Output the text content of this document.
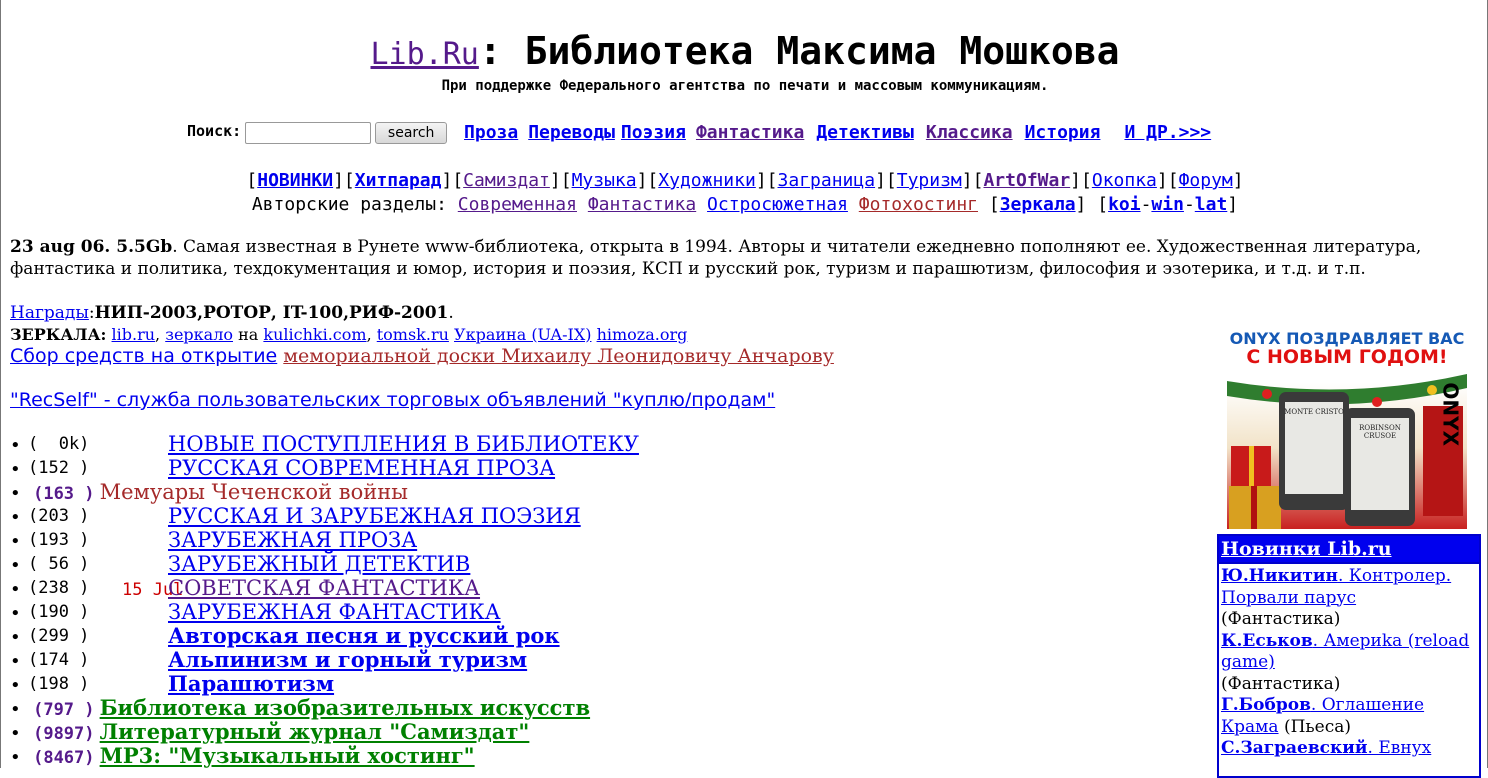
Lib.Ru: Библиотека Максима Мошкова
При поддержке Федерального агентства по печати и массовым коммуникациям.
Поиск:	search Проза Переводы Поэзия Фантастика Детективы Классика История И ДР.>>>
[НОВИНКИ][Хитпарад][Самиздат][Музыка][Художники][Заграница][Туризм][ArtOfWar][Окопка][Форум]
Авторские разделы: Современная Фантастика Остросюжетная Фотохостинг [Зеркала] [koi-win-lat]
23 aug 06. 5.5Gb. Самая известная в Рунете www-библиотека, открыта в 1994. Авторы и читатели ежедневно пополняют ее. Художественная литература, фантастика и политика, техдокументация и юмор, история и поэзия, КСП и русский рок, туризм и парашютизм, философия и эзотерика, и т.д. и т.п.
Награды:НИП-2003,РОТОР, IT-100,РИФ-2001.
ЗЕРКАЛА: lib.ru, зеркало на kulichki.com, tomsk.ru Украина (UA-IX) himoza.org
Сбор средств на открытие мемориальной доски Михаилу Леонидовичу Анчарову
"RecSelf" - служба пользовательских торговых объявлений "куплю/продам"
• (  0k)	НОВЫЕ ПОСТУПЛЕНИЯ В БИБЛИОТЕКУ
• (152 )	РУССКАЯ СОВРЕМЕННАЯ ПРОЗА
• (163 ) Мемуары Чеченской войны
• (203 )	РУССКАЯ И ЗАРУБЕЖНАЯ ПОЭЗИЯ
• (193 )	ЗАРУБЕЖНАЯ ПРОЗА
• ( 56 )	ЗАРУБЕЖНЫЙ ДЕТЕКТИВ
• (238 ) 15 JulСОВЕТСКАЯ ФАНТАСТИКА
• (190 )	ЗАРУБЕЖНАЯ ФАНТАСТИКА
• (299 )	Авторская песня и русский рок
• (174 )	Альпинизм и горный туризм
• (198 )	Парашютизм
• (797 ) Библиотека изобразительных искусств
• (9897) Литературный журнал "Самиздат"
• (8467) MP3: "Музыкальный хостинг"
ONYX ПОЗДРАВЛЯЕТ ВАС
С НОВЫМ ГОДОМ!
MONTE CRISTO
ROBINSON CRUSOE	ONYX
Новинки Lib.ru
Ю.Никитин. Контролер. Порвали парус
(Фантастика)
К.Еськов. Америkа (reload game)
(Фантастика)
Г.Бобров. Оглашение Крама (Пьеса)
С.Заграевский. Евнух
